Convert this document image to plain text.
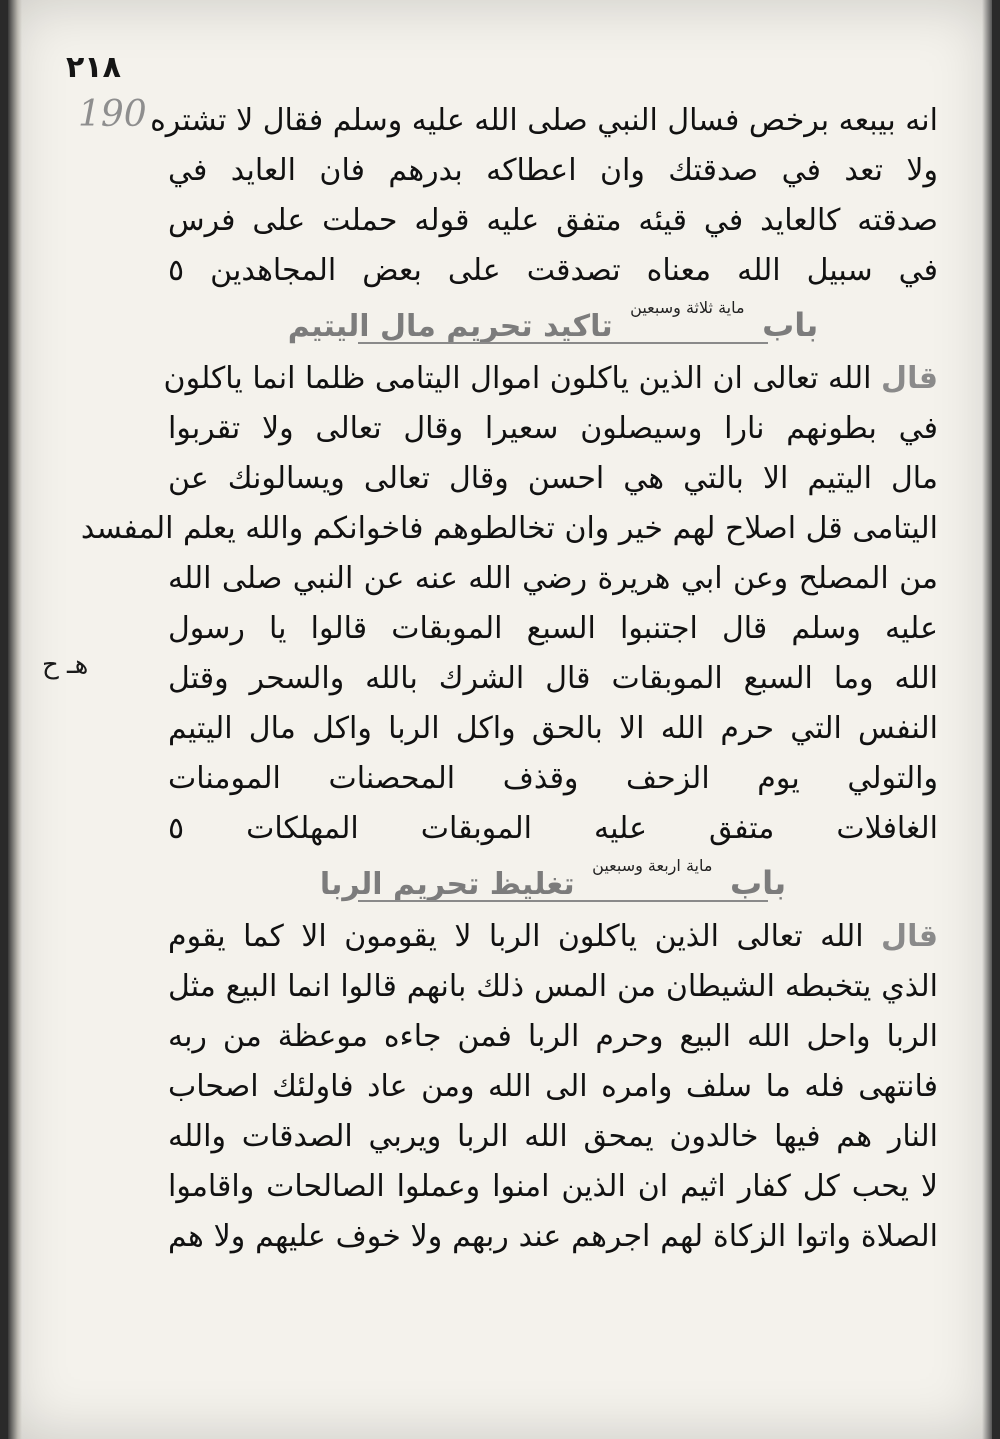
٢١٨
190
هـ ح
انه بيبعه برخص فسال النبي صلى الله عليه وسلم فقال لا تشتره
ولا تعد في صدقتك وان اعطاكه بدرهم فان العايد في
صدقته كالعايد في قيئه متفق عليه قوله حملت على فرس
في سبيل الله معناه تصدقت على بعض المجاهدين ٥
باب ماية ثلاثة وسبعين تاكيد تحريم مال اليتيم
قال الله تعالى ان الذين ياكلون اموال اليتامى ظلما انما ياكلون
في بطونهم نارا وسيصلون سعيرا وقال تعالى ولا تقربوا
مال اليتيم الا بالتي هي احسن وقال تعالى ويسالونك عن
اليتامى قل اصلاح لهم خير وان تخالطوهم فاخوانكم والله يعلم المفسد
من المصلح وعن ابي هريرة رضي الله عنه عن النبي صلى الله
عليه وسلم قال اجتنبوا السبع الموبقات قالوا يا رسول
الله وما السبع الموبقات قال الشرك بالله والسحر وقتل
النفس التي حرم الله الا بالحق واكل الربا واكل مال اليتيم
والتولي يوم الزحف وقذف المحصنات المومنات
الغافلات متفق عليه الموبقات المهلكات ٥
باب ماية اربعة وسبعين تغليظ تحريم الربا
قال الله تعالى الذين ياكلون الربا لا يقومون الا كما يقوم
الذي يتخبطه الشيطان من المس ذلك بانهم قالوا انما البيع مثل
الربا واحل الله البيع وحرم الربا فمن جاءه موعظة من ربه
فانتهى فله ما سلف وامره الى الله ومن عاد فاولئك اصحاب
النار هم فيها خالدون يمحق الله الربا ويربي الصدقات والله
لا يحب كل كفار اثيم ان الذين امنوا وعملوا الصالحات واقاموا
الصلاة واتوا الزكاة لهم اجرهم عند ربهم ولا خوف عليهم ولا هم
